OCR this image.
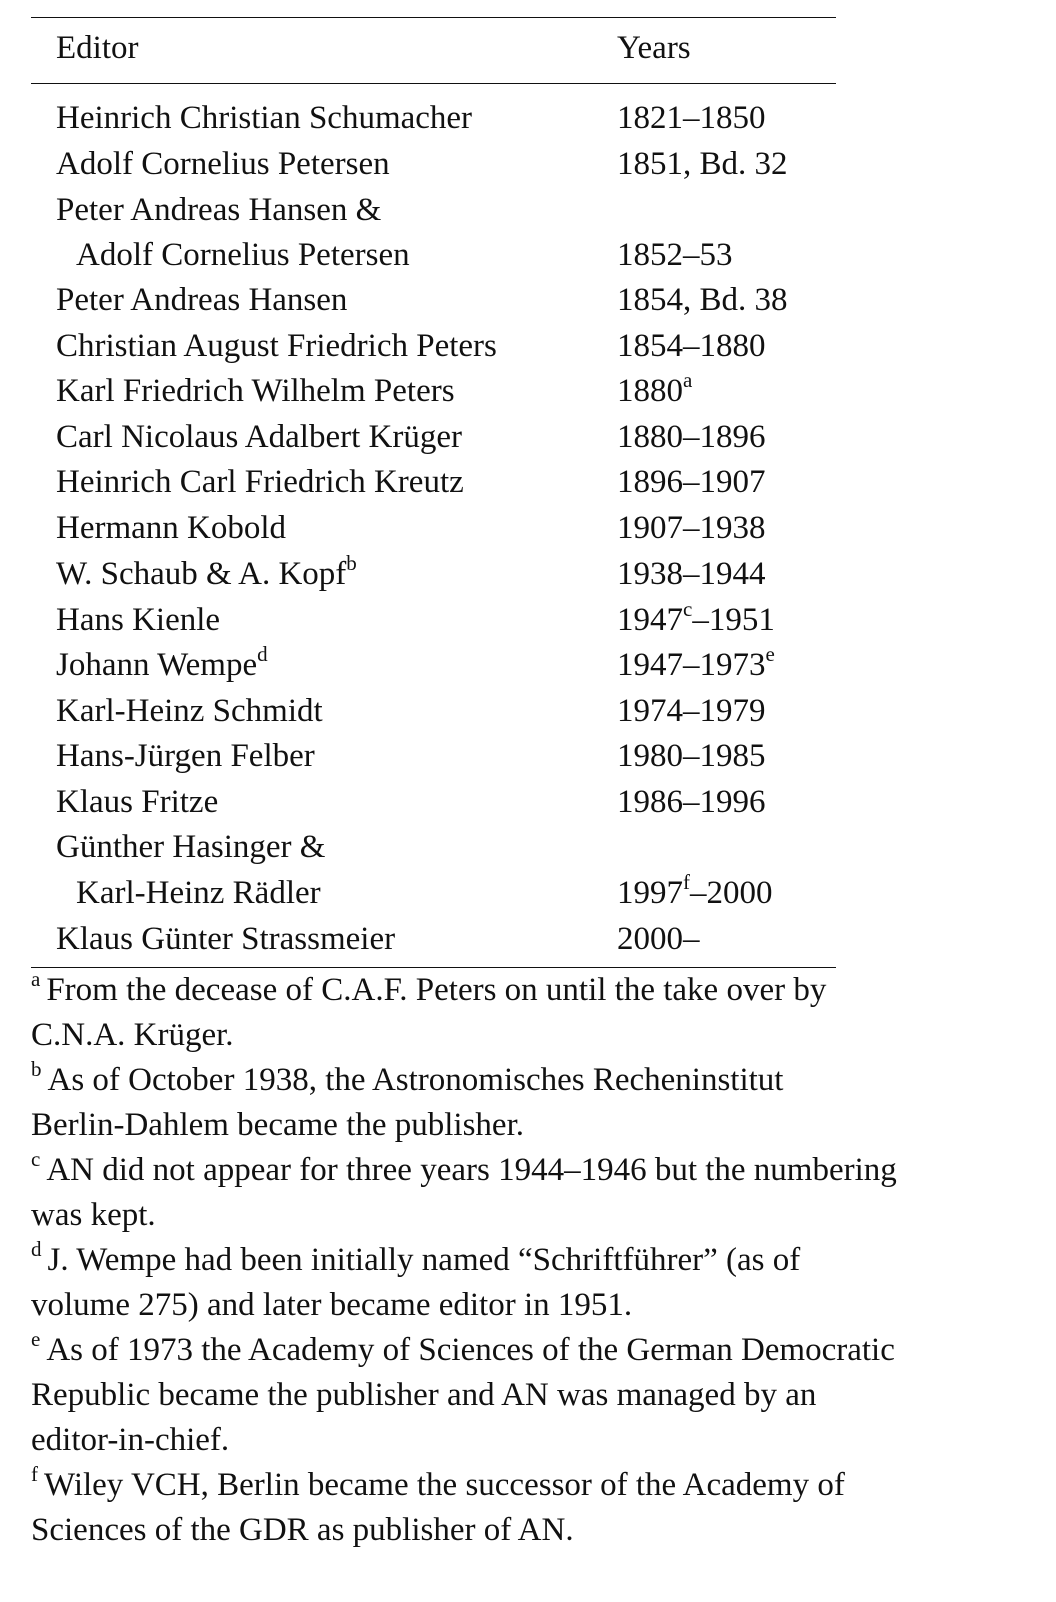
Editor	Years
Heinrich Christian Schumacher	1821–1850
Adolf Cornelius Petersen	1851, Bd. 32
Peter Andreas Hansen &
Adolf Cornelius Petersen	1852–53
Peter Andreas Hansen	1854, Bd. 38
Christian August Friedrich Peters	1854–1880
Karl Friedrich Wilhelm Peters	1880$^a$
Carl Nicolaus Adalbert Krüger	1880–1896
Heinrich Carl Friedrich Kreutz	1896–1907
Hermann Kobold	1907–1938
W. Schaub & A. Kopf$^b$	1938–1944
Hans Kienle	1947$^c$–1951
Johann Wempe$^d$	1947–1973e
Karl-Heinz Schmidt	1974–1979
Hans-Jürgen Felber	1980–1985
Klaus Fritze	1986–1996
Günther Hasinger &
Karl-Heinz Rädler	1997$^f$–2000
Klaus Günter Strassmeier	2000–

$^a$ From the decease of C.A.F. Peters on until the take over by
C.N.A. Krüger.

$^b$ As of October 1938, the Astronomisches Recheninstitut
Berlin-Dahlem became the publisher.

$^c$ AN did not appear for three years 1944–1946 but the numbering
was kept.

$^d$ J. Wempe had been initially named “Schriftführer” (as of
volume 275) and later became editor in 1951.

$^e$ As of 1973 the Academy of Sciences of the German Democratic
Republic became the publisher and AN was managed by an
editor-in-chief.

$^f$ Wiley VCH, Berlin became the successor of the Academy of
Sciences of the GDR as publisher of AN.
